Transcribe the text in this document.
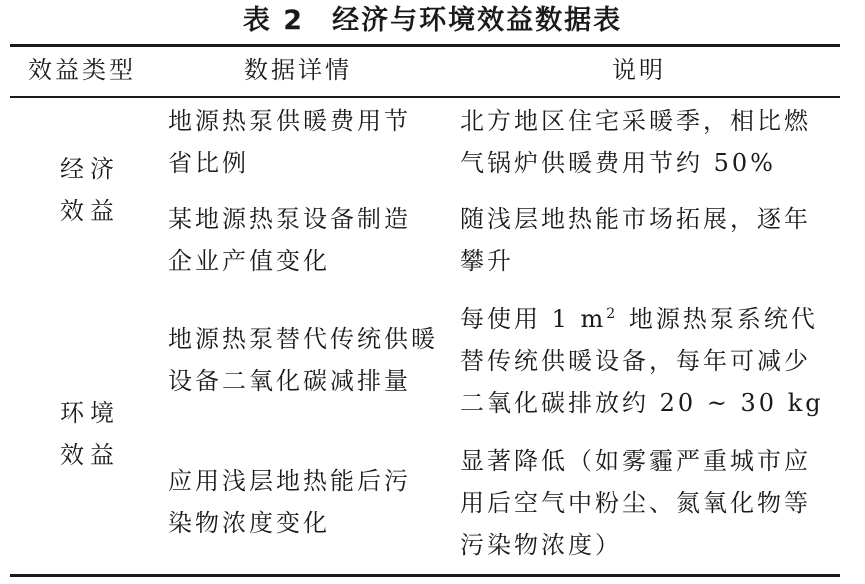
表 2 经济与环境效益数据表
效益类型	数据详情	说明
经济
效益
地源热泵供暖费用节
省比例
北方地区住宅采暖季，相比燃
气锅炉供暖费用节约 50%
某地源热泵设备制造
企业产值变化
随浅层地热能市场拓展，逐年
攀升
环境
效益
地源热泵替代传统供暖
设备二氧化碳减排量
每使用 1 $m^2$ 地源热泵系统代
替传统供暖设备，每年可减少
二氧化碳排放约 20 ~ 30 kg
应用浅层地热能后污
染物浓度变化
显著降低（如雾霾严重城市应
用后空气中粉尘、氮氧化物等
污染物浓度）
